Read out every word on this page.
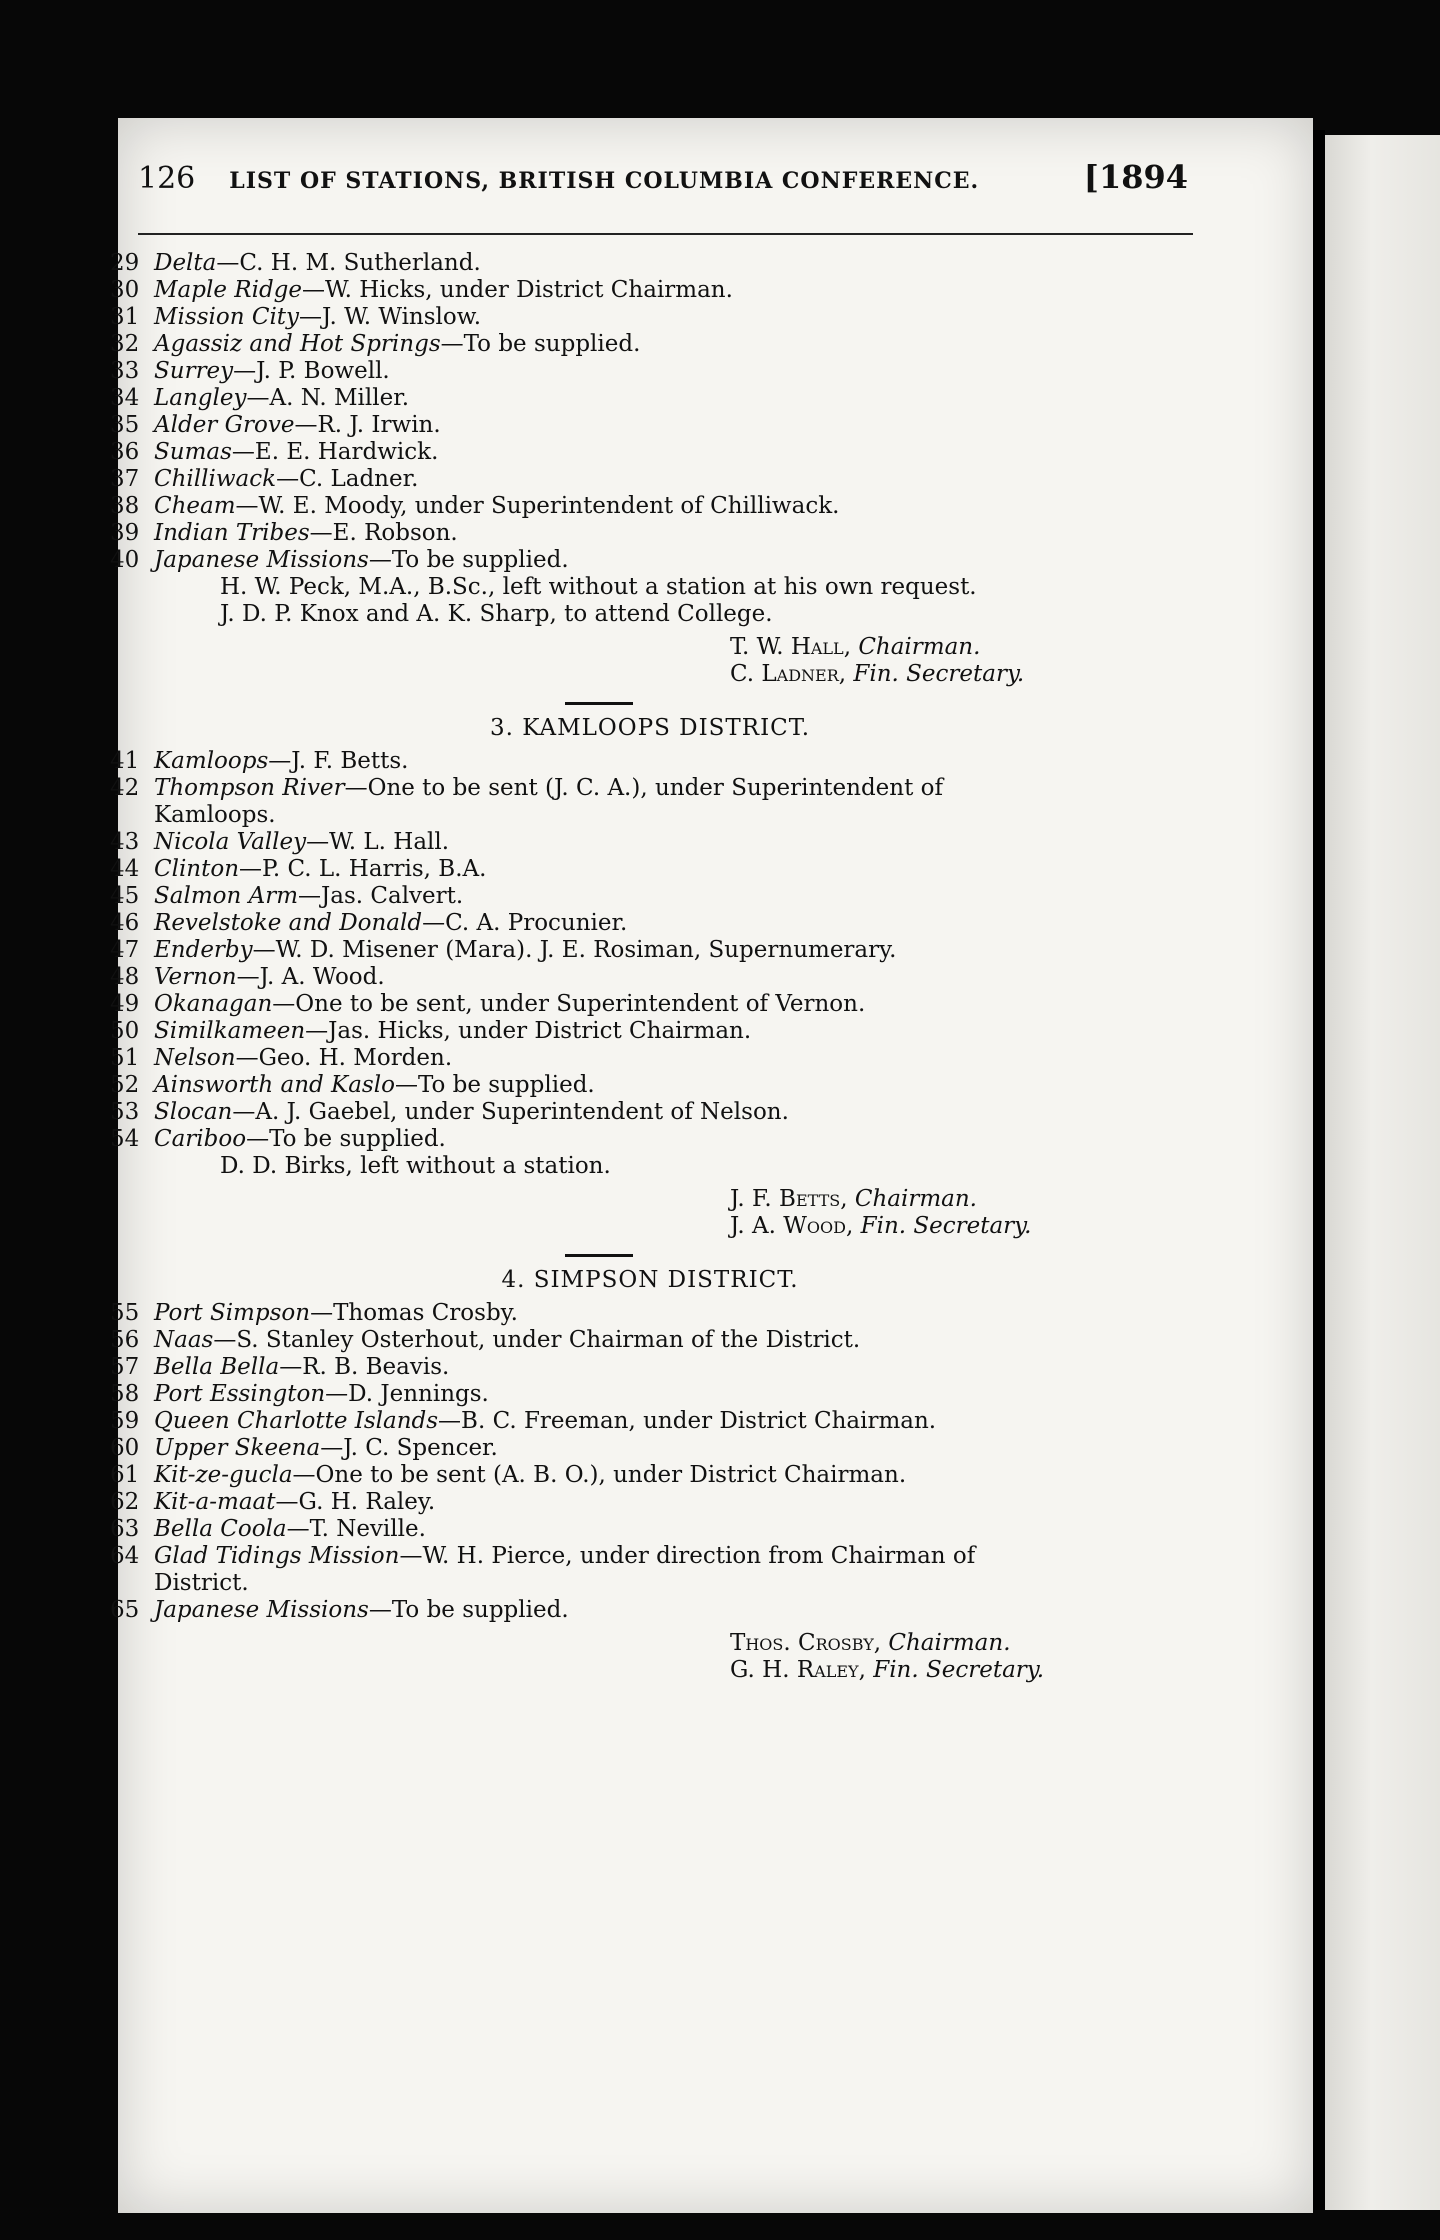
126 LIST OF STATIONS, BRITISH COLUMBIA CONFERENCE.	[1894
29 Delta —C. H. M. Sutherland.
30 Maple Ridge —W. Hicks, under District Chairman.
31 Mission City —J. W. Winslow.
32 Agassiz and Hot Springs —To be supplied.
33 Surrey —J. P. Bowell.
34 Langley —A. N. Miller.
35 Alder Grove —R. J. Irwin.
36 Sumas —E. E. Hardwick.
37 Chilliwack —C. Ladner.
38 Cheam —W. E. Moody, under Superintendent of Chilliwack.
39 Indian Tribes —E. Robson.
40 Japanese Missions —To be supplied.
H. W. Peck, M.A., B.Sc., left without a station at his own request.
J. D. P. Knox and A. K. Sharp, to attend College.
T. W. Hall, Chairman.
C. Ladner, Fin. Secretary.
3. KAMLOOPS DISTRICT.
41 Kamloops —J. F. Betts.
42 Thompson River —One to be sent (J. C. A.), under Superintendent of
Kamloops.
43 Nicola Valley —W. L. Hall.
44 Clinton —P. C. L. Harris, B.A.
45 Salmon Arm —Jas. Calvert.
46 Revelstoke and Donald —C. A. Procunier.
47 Enderby —W. D. Misener (Mara). J. E. Rosiman, Supernumerary.
48 Vernon —J. A. Wood.
49 Okanagan —One to be sent, under Superintendent of Vernon.
50 Similkameen —Jas. Hicks, under District Chairman.
51 Nelson —Geo. H. Morden.
52 Ainsworth and Kaslo —To be supplied.
53 Slocan —A. J. Gaebel, under Superintendent of Nelson.
54 Cariboo —To be supplied.
D. D. Birks, left without a station.
J. F. Betts, Chairman.
J. A. Wood, Fin. Secretary.
4. SIMPSON DISTRICT.
55 Port Simpson —Thomas Crosby.
56 Naas —S. Stanley Osterhout, under Chairman of the District.
57 Bella Bella —R. B. Beavis.
58 Port Essington —D. Jennings.
59 Queen Charlotte Islands —B. C. Freeman, under District Chairman.
60 Upper Skeena —J. C. Spencer.
61 Kit-ze-gucla —One to be sent (A. B. O.), under District Chairman.
62 Kit-a-maat —G. H. Raley.
63 Bella Coola —T. Neville.
64 Glad Tidings Mission —W. H. Pierce, under direction from Chairman of
District.
65 Japanese Missions —To be supplied.
Thos. Crosby, Chairman.
G. H. Raley, Fin. Secretary.
